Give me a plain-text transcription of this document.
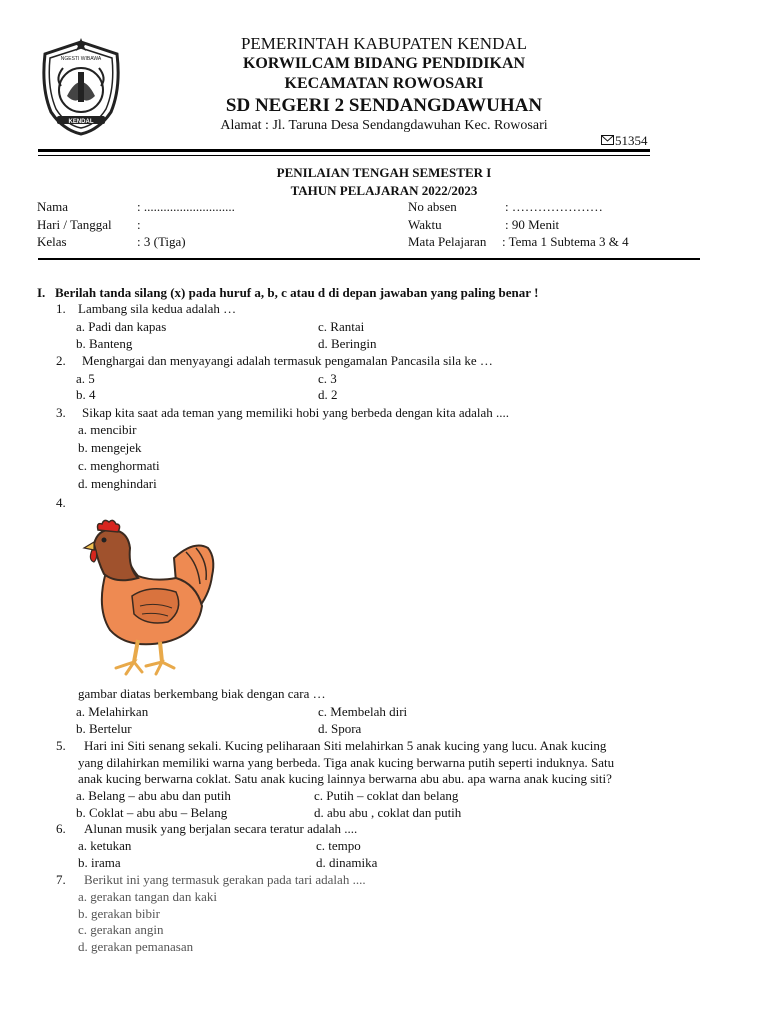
NGESTI WIBAWA
KENDAL
PEMERINTAH KABUPATEN KENDAL
KORWILCAM BIDANG PENDIDIKAN
KECAMATAN ROWOSARI
SD NEGERI 2 SENDANGDAWUHAN
Alamat : Jl. Taruna Desa Sendangdawuhan Kec. Rowosari
51354
PENILAIAN TENGAH SEMESTER I
TAHUN PELAJARAN 2022/2023
Nama	: ............................
Hari / Tanggal :
Kelas	: 3 (Tiga)
No absen	: …………………
Waktu	: 90 Menit
Mata Pelajaran : Tema 1 Subtema 3 & 4
I. Berilah tanda silang (x) pada huruf a, b, c atau d di depan jawaban yang paling benar !
1. Lambang sila kedua adalah …
a. Padi dan kapas
b. Banteng
c. Rantai
d. Beringin
2. Menghargai dan menyayangi adalah termasuk pengamalan Pancasila sila ke …
a. 5
b. 4
c. 3
d. 2
3. Sikap kita saat ada teman yang memiliki hobi yang berbeda dengan kita adalah ....
a. mencibir
b. mengejek
c. menghormati
d. menghindari
4.
gambar diatas berkembang biak dengan cara …
a. Melahirkan
b. Bertelur
c. Membelah diri
d. Spora
5. Hari ini Siti senang sekali. Kucing peliharaan Siti melahirkan 5 anak kucing yang lucu. Anak kucing
yang dilahirkan memiliki warna yang berbeda. Tiga anak kucing berwarna putih seperti induknya. Satu
anak kucing berwarna coklat. Satu anak kucing lainnya berwarna abu abu. apa warna anak kucing siti?
a. Belang – abu abu dan putih
b. Coklat – abu abu – Belang
c. Putih – coklat dan belang
d. abu abu , coklat dan putih
6. Alunan musik yang berjalan secara teratur adalah ....
a. ketukan
b. irama
c. tempo
d. dinamika
7. Berikut ini yang termasuk gerakan pada tari adalah ....
a. gerakan tangan dan kaki
b. gerakan bibir
c. gerakan angin
d. gerakan pemanasan
